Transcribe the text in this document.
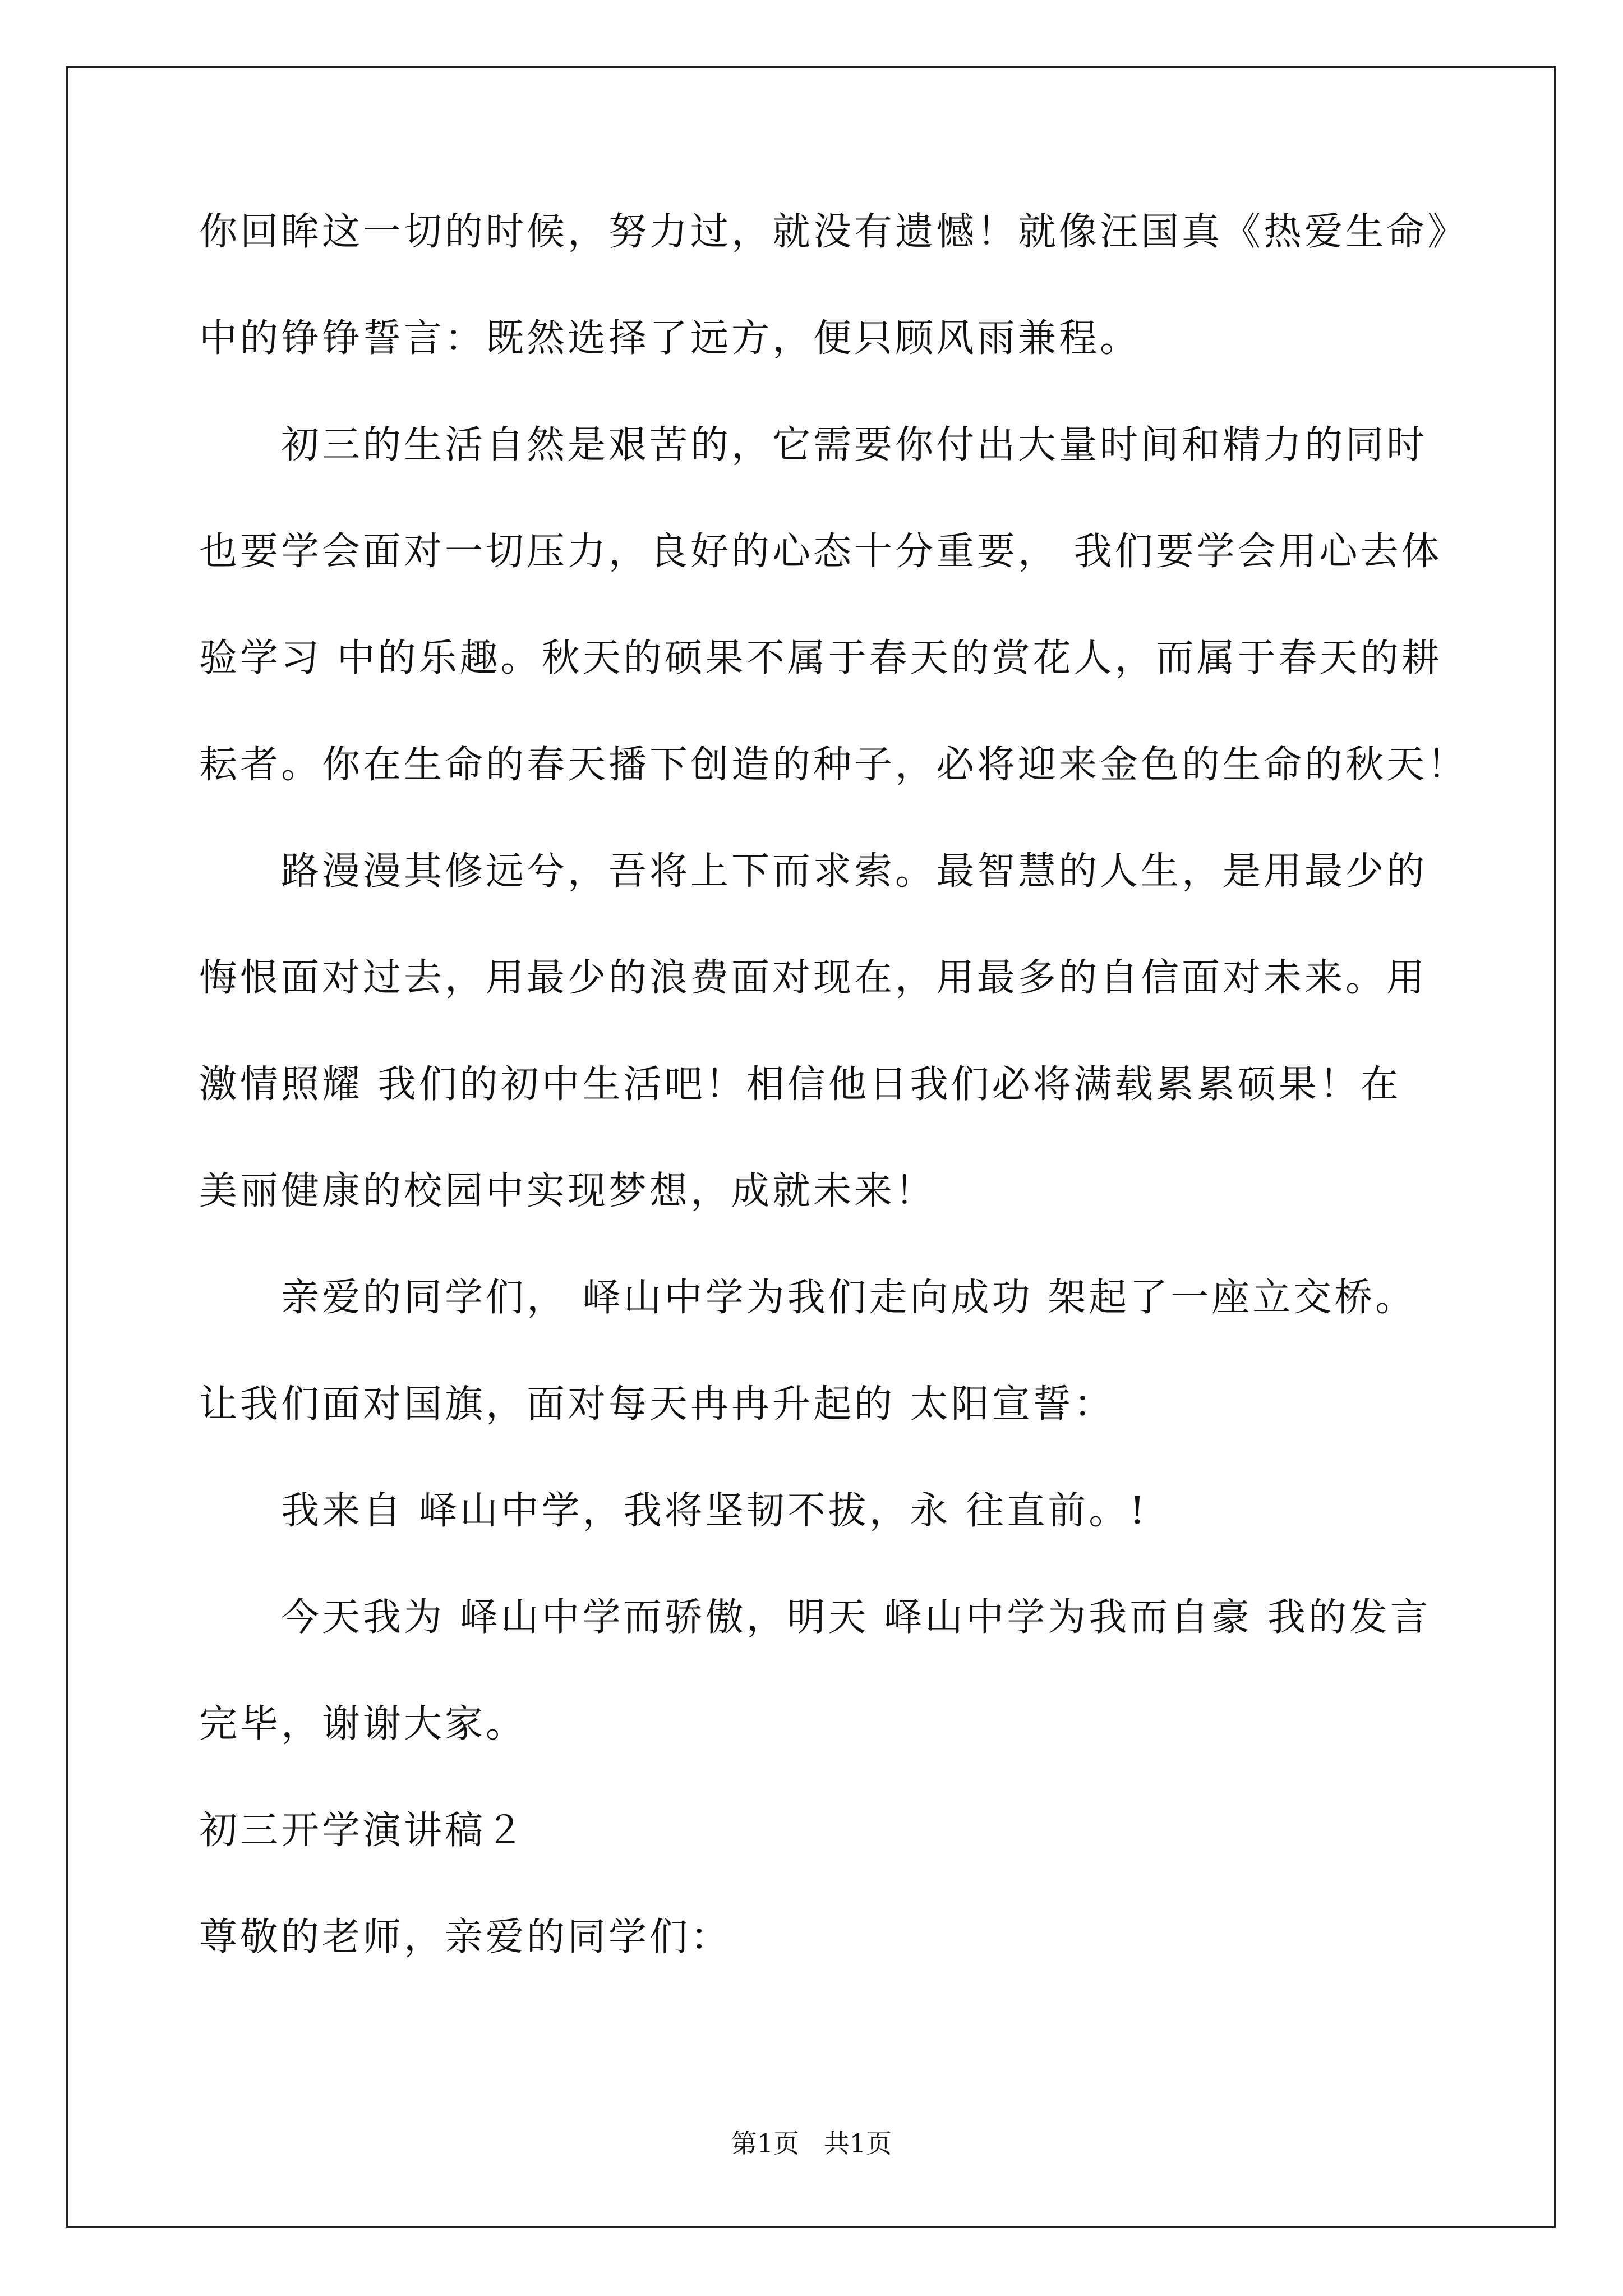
你回眸这一切的时候，努力过，就没有遗憾！就像汪国真《热爱生命》
中的铮铮誓言：既然选择了远方，便只顾风雨兼程。
初三的生活自然是艰苦的，它需要你付出大量时间和精力的同时
也要学会面对一切压力，良好的心态十分重要， 我们要学会用心去体
验学习 中的乐趣。秋天的硕果不属于春天的赏花人，而属于春天的耕
耘者。你在生命的春天播下创造的种子，必将迎来金色的生命的秋天！
路漫漫其修远兮，吾将上下而求索。最智慧的人生，是用最少的
悔恨面对过去，用最少的浪费面对现在，用最多的自信面对未来。用
激情照耀 我们的初中生活吧！相信他日我们必将满载累累硕果！在
美丽健康的校园中实现梦想，成就未来！
亲爱的同学们， 峄山中学为我们走向成功 架起了一座立交桥。
让我们面对国旗，面对每天冉冉升起的 太阳宣誓：
我来自 峄山中学，我将坚韧不拔，永 往直前。!
今天我为 峄山中学而骄傲，明天 峄山中学为我而自豪 我的发言
完毕，谢谢大家。
初三开学演讲稿２
尊敬的老师，亲爱的同学们：
第1页   共1页
